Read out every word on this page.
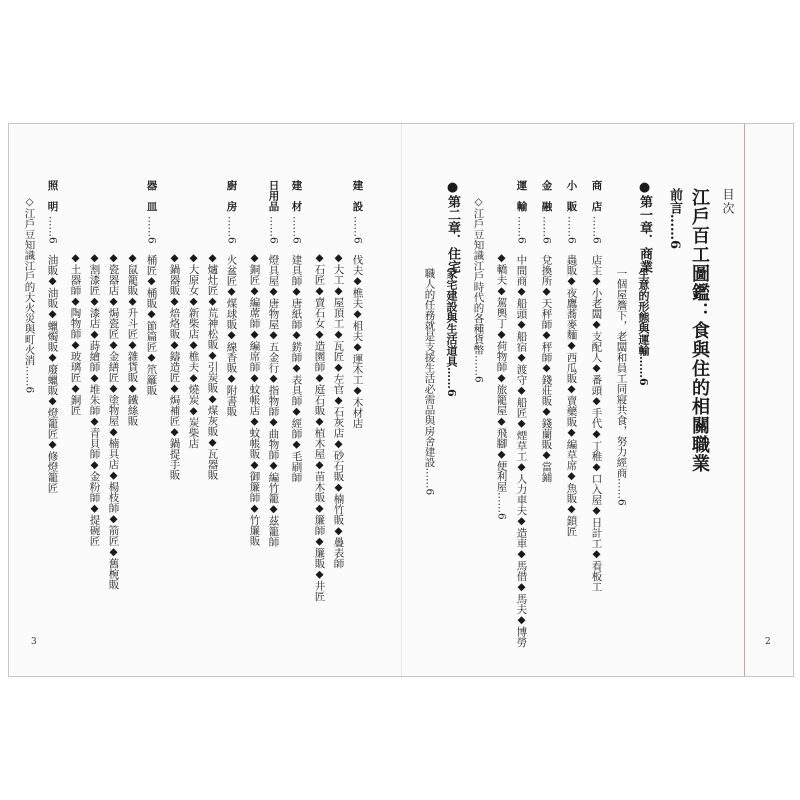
3	2
目次
江戶百工圖鑑：食與住的相關職業
前言……6
●第一章．商業
生意的形態與運輸……6
一個屋簷下，老闆和員工同寢共食，努力經商……6
商　店
……6　店主◆小老闆◆支配人◆番頭◆手代◆丁稚◆口入屋◆日計工◆看板工
小　販
……6　蟲販◆夜鷹蕎麥麵◆西瓜販◆賣藥販◆編草席◆魚販◆鎖匠
金　融
……6　兌換所◆天秤師◆秤師◆錢莊販◆錢蘭販◆當鋪
運　輸
……6　中間商◆船頭◆船宿◆渡守◆船匠◆煙草工◆人力車夫◆造車◆馬借◆馬夫◆博勞
◆轎夫◆駕輿丁◆荷物師◆旅籠屋◆飛腳◆便利屋……6
◇江戶豆知識江戶時代的各種貨幣……6
●第二章．住宅
家宅建設與生活道具……6
職人的任務就是支援生活必需品與房舍建設……6
建　設
……6　伐夫◆樵夫◆柤夫◆運木工◆木材店
◆大工◆屋頂工◆瓦匠◆左官◆石灰店◆砂石販◆楠竹販◆疊表師
◆石匠◆賣石女◆造園師◆庭石販◆植木屋◆苗木販◆簾師◆簾販◆井匠
建　材
……6　建具師◆唐紙師◆錺師◆表具師◆經師◆毛刷師
日用品
……6　燈具屋◆唐物屋◆五金行◆指物師◆曲物師◆編竹籠◆茲籠師
◆銅匠◆編蓆師◆編席師◆蚊帳店◆蚊帳販◆御簾師◆竹簾販
廚　房
……6　火盆匠◆煤球販◆線香販◆附書販
◆爐灶匠◆荒神松販◆引炭販◆煤灰販◆瓦器販
◆大原女◆新柴店◆樵夫◆燒炭◆炭柴店
◆鍋器販◆焙烙販◆鑄造匠◆焗補匠◆鍋提手販
器　皿
……6　桶匠◆桶販◆節篇匠◆笊籬販
◆鼠籠販◆升斗匠◆雜貨販◆鐵絲販
◆瓷器店◆焗瓷匠◆金繕匠◆塗物屋◆楠具店◆楊枝師◆箭匠◆舊椀販
◆割漆匠◆漆店◆蒔繪師◆堆朱師◆青貝師◆金粉師◆提碗匠
◆土器師◆陶物師◆玻璃匠◆銅匠
照　明
……6　油販◆油販◆蠟燭販◆廢蠟販◆燈籠匠◆修燈籠匠
◇江戶豆知識江戶的大火災與町火消……6
